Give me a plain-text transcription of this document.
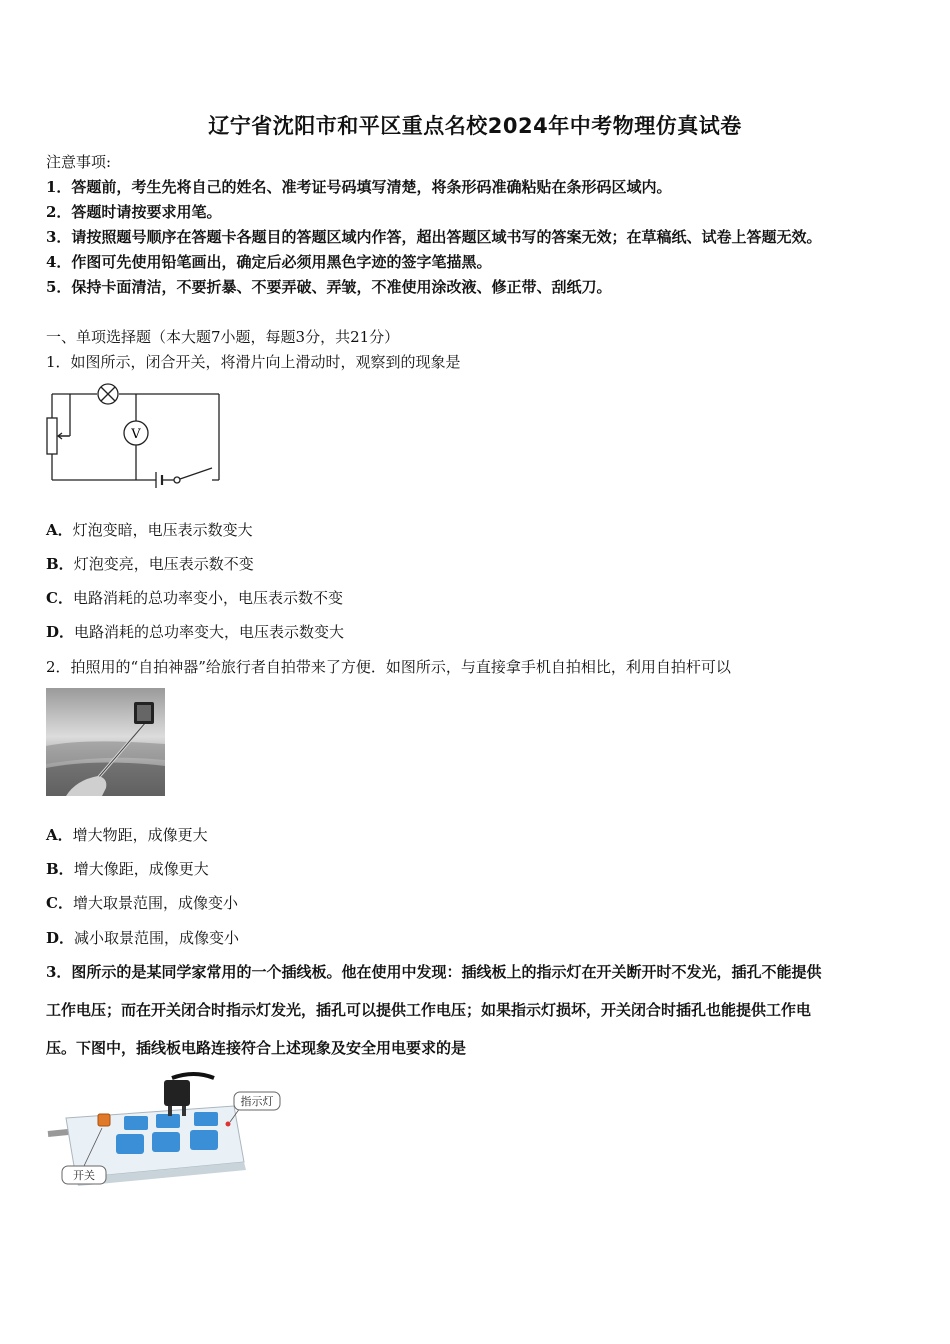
辽宁省沈阳市和平区重点名校2024年中考物理仿真试卷
注意事项:
1．答题前，考生先将自己的姓名、准考证号码填写清楚，将条形码准确粘贴在条形码区域内。
2．答题时请按要求用笔。
3．请按照题号顺序在答题卡各题目的答题区域内作答，超出答题区域书写的答案无效；在草稿纸、试卷上答题无效。
4．作图可先使用铅笔画出，确定后必须用黑色字迹的签字笔描黑。
5．保持卡面清洁，不要折暴、不要弄破、弄皱，不准使用涂改液、修正带、刮纸刀。
一、单项选择题（本大题7小题，每题3分，共21分）
1．如图所示，闭合开关，将滑片向上滑动时，观察到的现象是
V
A．灯泡变暗，电压表示数变大
B．灯泡变亮，电压表示数不变
C．电路消耗的总功率变小，电压表示数不变
D．电路消耗的总功率变大，电压表示数变大
2．拍照用的“自拍神器”给旅行者自拍带来了方便．如图所示，与直接拿手机自拍相比，利用自拍杆可以
A．增大物距，成像更大
B．增大像距，成像更大
C．增大取景范围，成像变小
D．减小取景范围，成像变小
3．图所示的是某同学家常用的一个插线板。他在使用中发现：插线板上的指示灯在开关断开时不发光，插孔不能提供
工作电压；而在开关闭合时指示灯发光，插孔可以提供工作电压；如果指示灯损坏，开关闭合时插孔也能提供工作电
压。下图中，插线板电路连接符合上述现象及安全用电要求的是
指示灯
开关
